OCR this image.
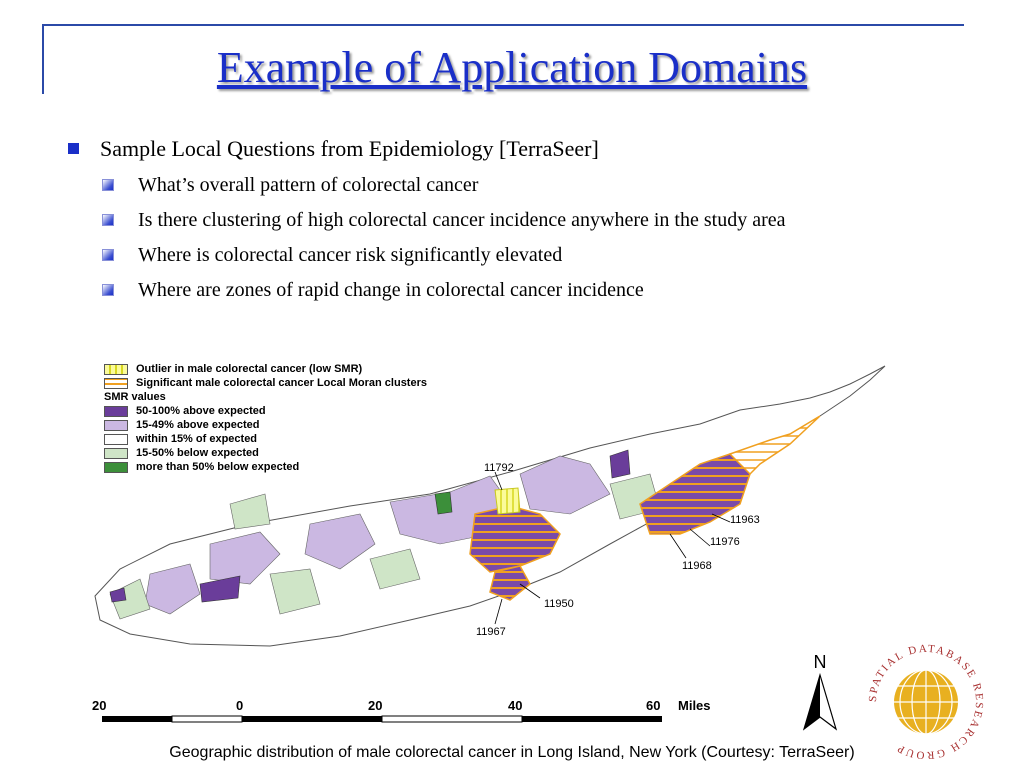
Example of Application Domains
Sample Local Questions from Epidemiology [TerraSeer]
What’s overall pattern of colorectal cancer
Is there clustering of high colorectal cancer incidence anywhere in the study area
Where is colorectal cancer risk significantly elevated
Where are zones of rapid change in colorectal cancer incidence
Outlier in male colorectal cancer (low SMR)
Significant male colorectal cancer Local Moran clusters
SMR values
50-100% above expected
15-49% above expected
within 15% of expected
15-50% below expected
more than 50% below expected	11792
11963
11976
11968
11950
11967
20	0	20	40	60 Miles
N
SPATIAL DATABASE RESEARCH GROUP
Geographic distribution of male colorectal cancer in Long Island, New York (Courtesy: TerraSeer)
